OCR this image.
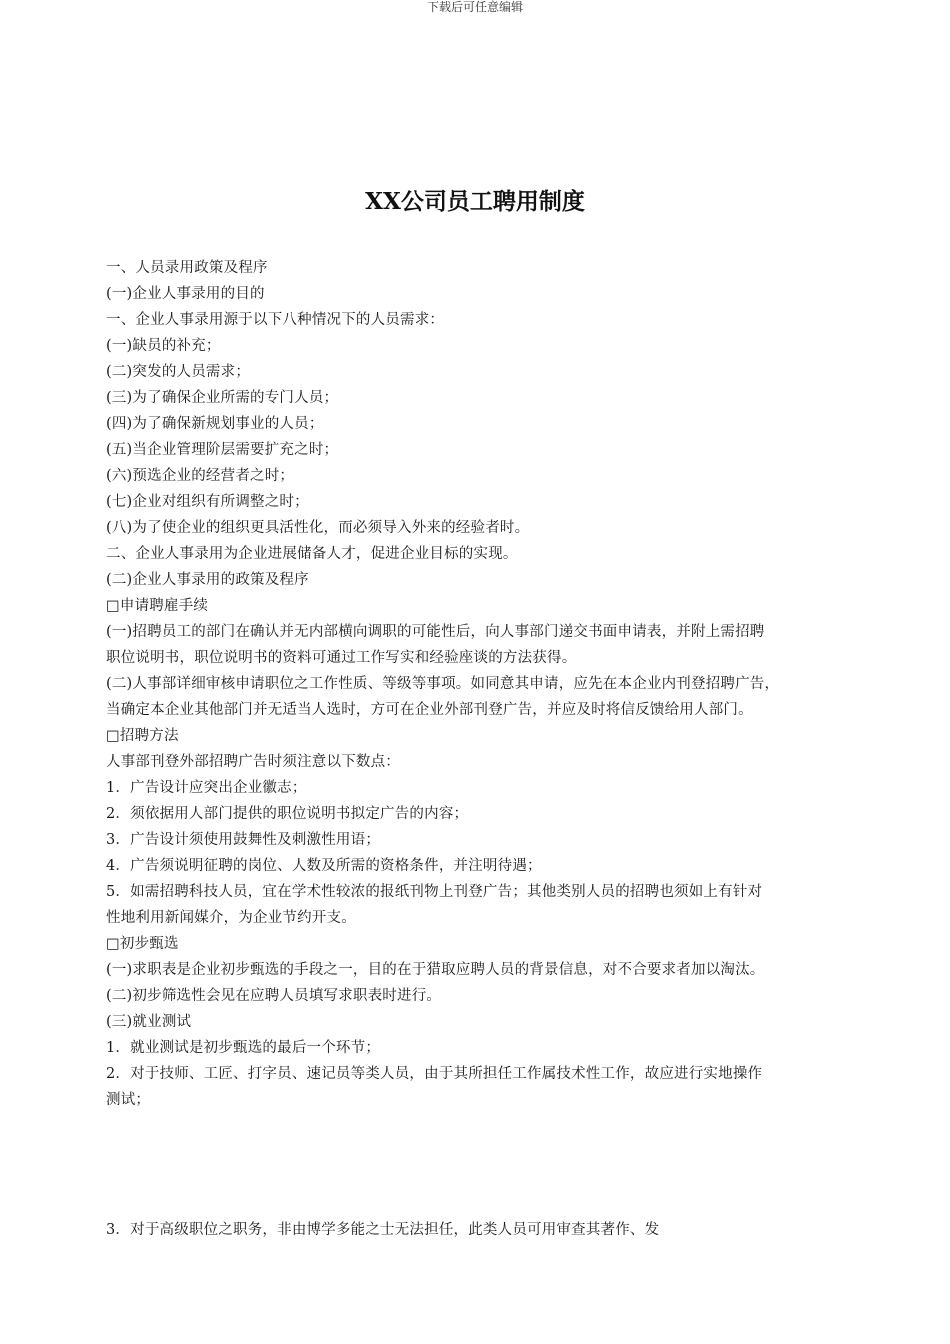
下载后可任意编辑
XX公司员工聘用制度
一、人员录用政策及程序
(一)企业人事录用的目的
一、企业人事录用源于以下八种情况下的人员需求：
(一)缺员的补充；
(二)突发的人员需求；
(三)为了确保企业所需的专门人员；
(四)为了确保新规划事业的人员；
(五)当企业管理阶层需要扩充之时；
(六)预选企业的经营者之时；
(七)企业对组织有所调整之时；
(八)为了使企业的组织更具活性化，而必须导入外来的经验者时。
二、企业人事录用为企业进展储备人才，促进企业目标的实现。
(二)企业人事录用的政策及程序
□申请聘雇手续
(一)招聘员工的部门在确认并无内部横向调职的可能性后，向人事部门递交书面申请表，并附上需招聘
职位说明书，职位说明书的资料可通过工作写实和经验座谈的方法获得。
(二)人事部详细审核申请职位之工作性质、等级等事项。如同意其申请，应先在本企业内刊登招聘广告，
当确定本企业其他部门并无适当人选时，方可在企业外部刊登广告，并应及时将信反馈给用人部门。
□招聘方法
人事部刊登外部招聘广告时须注意以下数点：
1．广告设计应突出企业徽志；
2．须依据用人部门提供的职位说明书拟定广告的内容；
3．广告设计须使用鼓舞性及刺激性用语；
4．广告须说明征聘的岗位、人数及所需的资格条件，并注明待遇；
5．如需招聘科技人员，宜在学术性较浓的报纸刊物上刊登广告；其他类别人员的招聘也须如上有针对
性地利用新闻媒介，为企业节约开支。
□初步甄选
(一)求职表是企业初步甄选的手段之一，目的在于猎取应聘人员的背景信息，对不合要求者加以淘汰。
(二)初步筛选性会见在应聘人员填写求职表时进行。
(三)就业测试
1．就业测试是初步甄选的最后一个环节；
2．对于技师、工匠、打字员、速记员等类人员，由于其所担任工作属技术性工作，故应进行实地操作
测试；
3．对于高级职位之职务，非由博学多能之士无法担任，此类人员可用审查其著作、发
